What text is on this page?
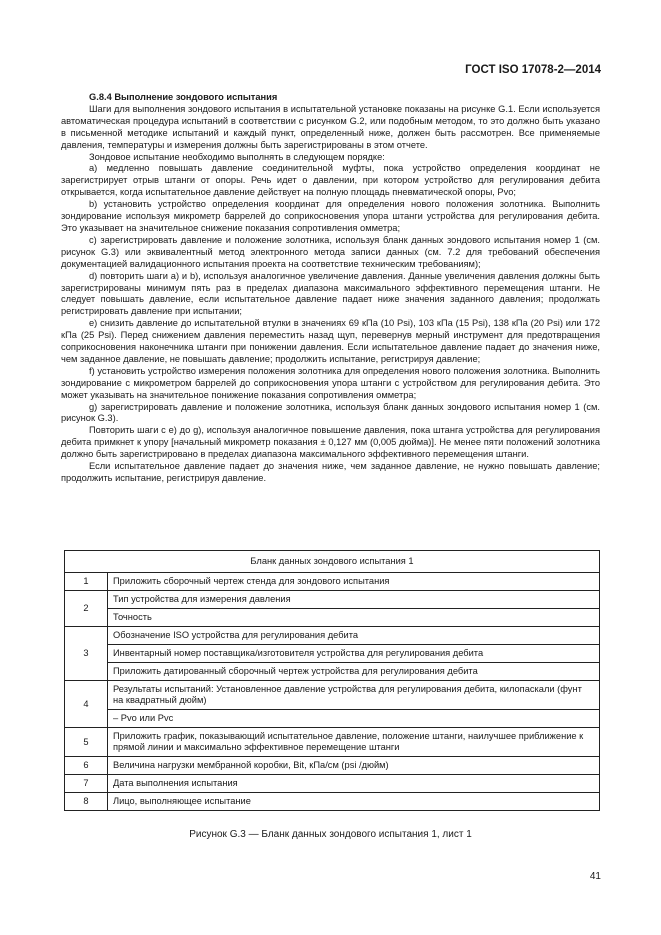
ГОСТ ISO 17078-2—2014

G.8.4 Выполнение зондового испытания

Шаги для выполнения зондового испытания в испытательной установке показаны на рисунке G.1. Если используется автоматическая процедура испытаний в соответствии с рисунком G.2, или подобным методом, то это должно быть указано в письменной методике испытаний и каждый пункт, определенный ниже, должен быть рассмотрен. Все применяемые давления, температуры и измерения должны быть зарегистрированы в этом отчете.

Зондовое испытание необходимо выполнять в следующем порядке:

a) медленно повышать давление соединительной муфты, пока устройство определения координат не зарегистрирует отрыв штанги от опоры. Речь идет о давлении, при котором устройство для регулирования дебита открывается, когда испытательное давление действует на полную площадь пневматической опоры, Pvo;

b) установить устройство определения координат для определения нового положения золотника. Выполнить зондирование используя микрометр баррелей до соприкосновения упора штанги устройства для регулирования дебита. Это указывает на значительное снижение показания сопротивления омметра;

c) зарегистрировать давление и положение золотника, используя бланк данных зондового испытания номер 1 (см. рисунок G.3) или эквивалентный метод электронного метода записи данных (см. 7.2 для требований обеспечения документацией валидационного испытания проекта на соответствие техническим требованиям);

d) повторить шаги a) и b), используя аналогичное увеличение давления. Данные увеличения давления должны быть зарегистрированы минимум пять раз в пределах диапазона максимального эффективного перемещения штанги. Не следует повышать давление, если испытательное давление падает ниже значения заданного давления; продолжать регистрировать давление при испытании;

e) снизить давление до испытательной втулки в значениях 69 кПа (10 Psi), 103 кПа (15 Psi), 138 кПа (20 Psi) или 172 кПа (25 Psi). Перед снижением давления переместить назад щуп, перевернув мерный инструмент для предотвращения соприкосновения наконечника штанги при понижении давления. Если испытательное давление падает до значения ниже, чем заданное давление, не повышать давление; продолжить испытание, регистрируя давление;

f) установить устройство измерения положения золотника для определения нового положения золотника. Выполнить зондирование с микрометром баррелей до соприкосновения упора штанги с устройством для регулирования дебита. Это может указывать на значительное понижение показания сопротивления омметра;

g) зарегистрировать давление и положение золотника, используя бланк данных зондового испытания номер 1 (см. рисунок G.3).

Повторить шаги с e) до g), используя аналогичное повышение давления, пока штанга устройства для регулирования дебита примкнет к упору [начальный микрометр показания ± 0,127 мм (0,005 дюйма)]. Не менее пяти положений золотника должно быть зарегистрировано в пределах диапазона максимального эффективного перемещения штанги.

Если испытательное давление падает до значения ниже, чем заданное давление, не нужно повышать давление; продолжить испытание, регистрируя давление.

Бланк данных зондового испытания 1	
1	Приложить сборочный чертеж стенда для зондового испытания
2	Тип устройства для измерения давления
	Точность
3	Обозначение ISO устройства для регулирования дебита
	Инвентарный номер поставщика/изготовителя устройства для регулирования дебита
	Приложить датированный сборочный чертеж устройства для регулирования дебита
4	Результаты испытаний: Установленное давление устройства для регулирования дебита, килопаскали (фунт на квадратный дюйм)
	– Pvo или Pvc
5	Приложить график, показывающий испытательное давление, положение штанги, наилучшее приближение к прямой линии и максимально эффективное перемещение штанги
6	Величина нагрузки мембранной коробки, Bit, кПа/см (psi /дюйм)
7	Дата выполнения испытания
8	Лицо, выполняющее испытание
Рисунок G.3 — Бланк данных зондового испытания 1, лист 1
41
